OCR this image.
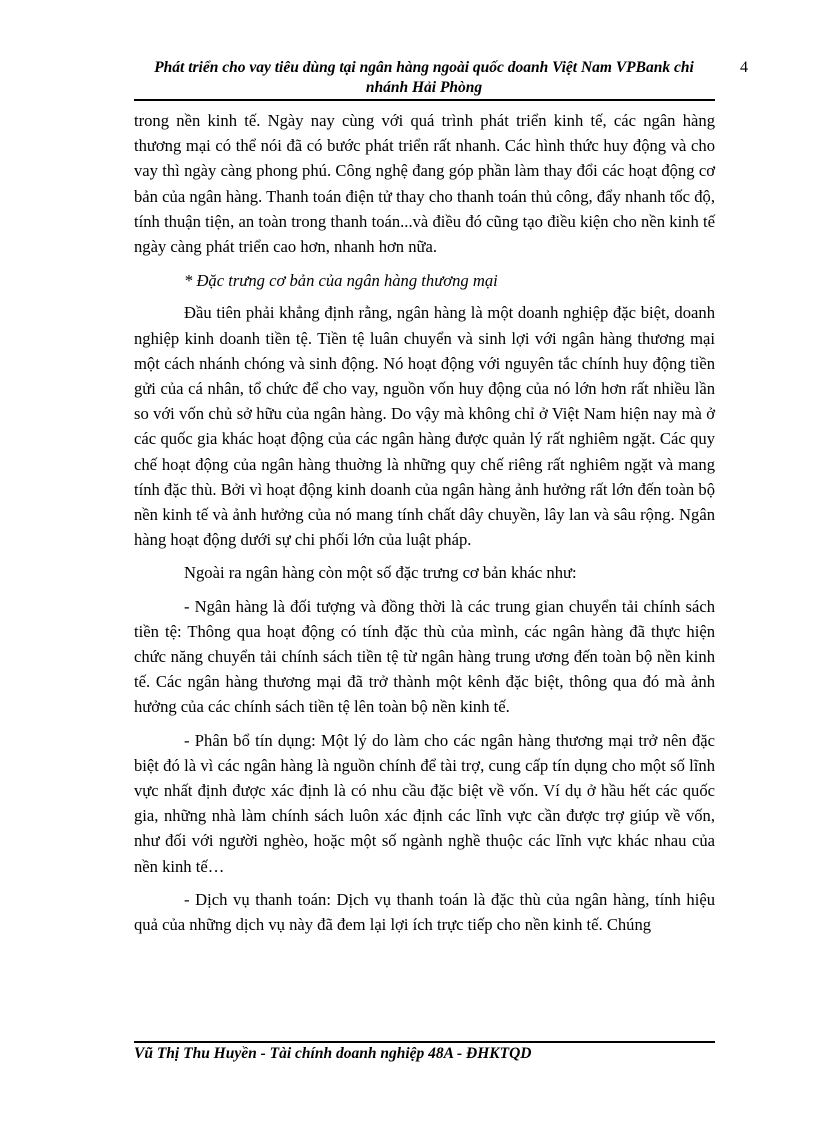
Phát triển cho vay tiêu dùng tại ngân hàng ngoài quốc doanh Việt Nam VPBank chi nhánh Hải Phòng

4

trong nền kinh tế. Ngày nay cùng với quá trình phát triển kinh tế, các ngân hàng thương mại có thể nói đã có bước phát triển rất nhanh. Các hình thức huy động và cho vay thì ngày càng phong phú. Công nghệ đang góp phần làm thay đổi các hoạt động cơ bản của ngân hàng. Thanh toán điện tử thay cho thanh toán thủ công, đẩy nhanh tốc độ, tính thuận tiện, an toàn trong thanh toán...và điều đó cũng tạo điều kiện cho nền kinh tế ngày càng phát triển cao hơn, nhanh hơn nữa.

* Đặc trưng cơ bản của ngân hàng thương mại

Đầu tiên phải khẳng định rằng, ngân hàng là một doanh nghiệp đặc biệt, doanh nghiệp kinh doanh tiền tệ. Tiền tệ luân chuyển và sinh lợi với ngân hàng thương mại một cách nhánh chóng và sinh động. Nó hoạt động với nguyên tắc chính huy động tiền gửi của cá nhân, tổ chức để cho vay, nguồn vốn huy động của nó lớn hơn rất nhiều lần so với vốn chủ sở hữu của ngân hàng. Do vậy mà không chỉ ở Việt Nam hiện nay mà ở các quốc gia khác hoạt động của các ngân hàng được quản lý rất nghiêm ngặt. Các quy chế hoạt động của ngân hàng thuờng là những quy chế riêng rất nghiêm ngặt và mang tính đặc thù. Bởi vì hoạt động kinh doanh của ngân hàng ảnh hưởng rất lớn đến toàn bộ nền kinh tế và ảnh hưởng của nó mang tính chất dây chuyền, lây lan và sâu rộng. Ngân hàng hoạt động dưới sự chi phối lớn của luật pháp.

Ngoài ra ngân hàng còn một số đặc trưng cơ bản khác như:

- Ngân hàng là đối tượng và đồng thời là các trung gian chuyển tải chính sách tiền tệ: Thông qua hoạt động có tính đặc thù của mình, các ngân hàng đã thực hiện chức năng chuyển tải chính sách tiền tệ từ ngân hàng trung ương đến toàn bộ nền kinh tế. Các ngân hàng thương mại đã trở thành một kênh đặc biệt, thông qua đó mà ảnh hưởng của các chính sách tiền tệ lên toàn bộ nền kinh tế.

- Phân bổ tín dụng: Một lý do làm cho các ngân hàng thương mại trở nên đặc biệt đó là vì các ngân hàng là nguồn chính để tài trợ, cung cấp tín dụng cho một số lĩnh vực nhất định được xác định là có nhu cầu đặc biệt về vốn. Ví dụ ở hầu hết các quốc gia, những nhà làm chính sách luôn xác định các lĩnh vực cần được trợ giúp về vốn, như đối với người nghèo, hoặc một số ngành nghề thuộc các lĩnh vực khác nhau của nền kinh tế…

- Dịch vụ thanh toán: Dịch vụ thanh toán là đặc thù của ngân hàng, tính hiệu quả của những dịch vụ này đã đem lại lợi ích trực tiếp cho nền kinh tế. Chúng

Vũ Thị Thu Huyền - Tài chính doanh nghiệp 48A - ĐHKTQD
